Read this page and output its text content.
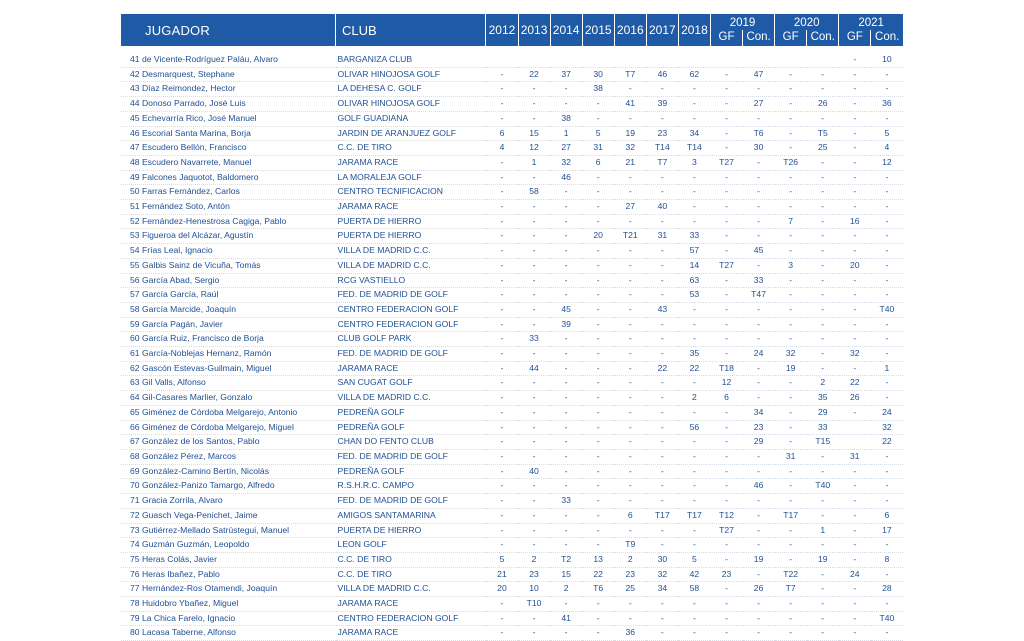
JUGADOR	CLUB	2012	2013	2014	2015	2016	2017	2018	2019		2020		2021	
									GF	Con.	GF	Con.	GF	Con.

41 de Vicente-Rodríguez Paláu, Alvaro	BARGANIZA CLUB												-	10
42 Desmarquest, Stephane	OLIVAR HINOJOSA GOLF	-	22	37	30	T7	46	62	-	47	-	-	-	-
43 Díaz Reimondez, Hector	LA DEHESA C. GOLF	-	-	-	38	-	-	-	-	-	-	-	-	-
44 Donoso Parrado, José Luis	OLIVAR HINOJOSA GOLF	-	-	-	-	41	39	-	-	27	-	26	-	36
45 Echevarría Rico, José Manuel	GOLF GUADIANA	-	-	38	-	-	-	-	-	-	-	-	-	-
46 Escorial Santa Marina, Borja	JARDIN DE ARANJUEZ GOLF	6	15	1	5	19	23	34	-	T6	-	T5	-	5
47 Escudero Bellón, Francisco	C.C. DE TIRO	4	12	27	31	32	T14	T14	-	30	-	25	-	4
48 Escudero Navarrete, Manuel	JARAMA RACE	-	1	32	6	21	T7	3	T27	-	T26	-	-	12
49 Falcones Jaquotot, Baldomero	LA MORALEJA GOLF	-	-	46	-	-	-	-	-	-	-	-	-	-
50 Farras Fernández, Carlos	CENTRO TECNIFICACION	-	58	-	-	-	-	-	-	-	-	-	-	-
51 Fernández Soto, Antón	JARAMA RACE	-	-	-	-	27	40	-	-	-	-	-	-	-
52 Fernández-Henestrosa Cagiga, Pablo	PUERTA DE HIERRO	-	-	-	-	-	-	-	-	-	7	-	16	-
53 Figueroa del Alcázar, Agustín	PUERTA DE HIERRO	-	-	-	20	T21	31	33	-	-	-	-	-	-
54 Frías Leal, Ignacio	VILLA DE MADRID C.C.	-	-	-	-	-	-	57	-	45	-	-	-	-
55 Galbis Sainz de Vicuña, Tomás	VILLA DE MADRID C.C.	-	-	-	-	-	-	14	T27	-	3	-	20	-
56 García Abad, Sergio	RCG VASTIELLO	-	-	-	-	-	-	63	-	33	-	-	-	-
57 García García, Raúl	FED. DE MADRID DE GOLF	-	-	-	-	-	-	53	-	T47	-	-	-	-
58 García Marcide, Joaquín	CENTRO FEDERACION GOLF	-	-	45	-	-	43	-	-	-	-	-	-	T40
59 García Pagán, Javier	CENTRO FEDERACION GOLF	-	-	39	-	-	-	-	-	-	-	-	-	-
60 García Ruiz, Francisco de Borja	CLUB GOLF PARK	-	33	-	-	-	-	-	-	-	-	-	-	-
61 García-Noblejas Hernanz, Ramón	FED. DE MADRID DE GOLF	-	-	-	-	-	-	35	-	24	32	-	32	-
62 Gascón Estevas-Guilmain, Miguel	JARAMA RACE	-	44	-	-	-	22	22	T18	-	19	-	-	1
63 Gil Valls, Alfonso	SAN CUGAT GOLF	-	-	-	-	-	-	-	12	-	-	2	22	-
64 Gil-Casares Marlier, Gonzalo	VILLA DE MADRID C.C.	-	-	-	-	-	-	2	6	-	-	35	26	-
65 Giménez de Córdoba Melgarejo, Antonio	PEDREÑA GOLF	-	-	-	-	-	-	-	-	34	-	29	-	24
66 Giménez de Córdoba Melgarejo, Miguel	PEDREÑA GOLF	-	-	-	-	-	-	56	-	23	-	33		32
67 González de los Santos, Pablo	CHAN DO FENTO CLUB	-	-	-	-	-	-	-	-	29	-	T15		22
68 González Pérez, Marcos	FED. DE MADRID DE GOLF	-	-	-	-	-	-	-	-	-	31	-	31	-
69 González-Camino Bertín, Nicolás	PEDREÑA GOLF	-	40	-	-	-	-	-	-	-	-	-	-	-
70 González-Panizo Tamargo, Alfredo	R.S.H.R.C. CAMPO	-	-	-	-	-	-	-	-	46	-	T40	-	-
71 Gracia Zorrila, Alvaro	FED. DE MADRID DE GOLF	-	-	33	-	-	-	-	-	-	-	-	-	-
72 Guasch Vega-Penichet, Jaime	AMIGOS SANTAMARINA	-	-	-	-	6	T17	T17	T12	-	T17	-	-	6
73 Gutiérrez-Mellado Satrústegui, Manuel	PUERTA DE HIERRO	-	-	-	-	-	-	-	T27	-	-	1	-	17
74 Guzmán Guzmán, Leopoldo	LEON GOLF	-	-	-	-	T9	-	-	-	-	-	-	-	-
75 Heras Colás, Javier	C.C. DE TIRO	5	2	T2	13	2	30	5	-	19	-	19	-	8
76 Heras Ibañez, Pablo	C.C. DE TIRO	21	23	15	22	23	32	42	23	-	T22	-	24	-
77 Hernández-Ros Otamendi, Joaquín	VILLA DE MADRID C.C.	20	10	2	T6	25	34	58	-	26	T7	-	-	28
78 Huidobro Ybañez, Miguel	JARAMA RACE	-	T10	-	-	-	-	-	-	-	-	-	-	-
79 La Chica Farelo, Ignacio	CENTRO FEDERACION GOLF	-	-	41	-	-	-	-	-	-	-	-	-	T40
80 Lacasa Taberne, Alfonso	JARAMA RACE	-	-	-	-	36	-	-	-	-	-	-	-	-
